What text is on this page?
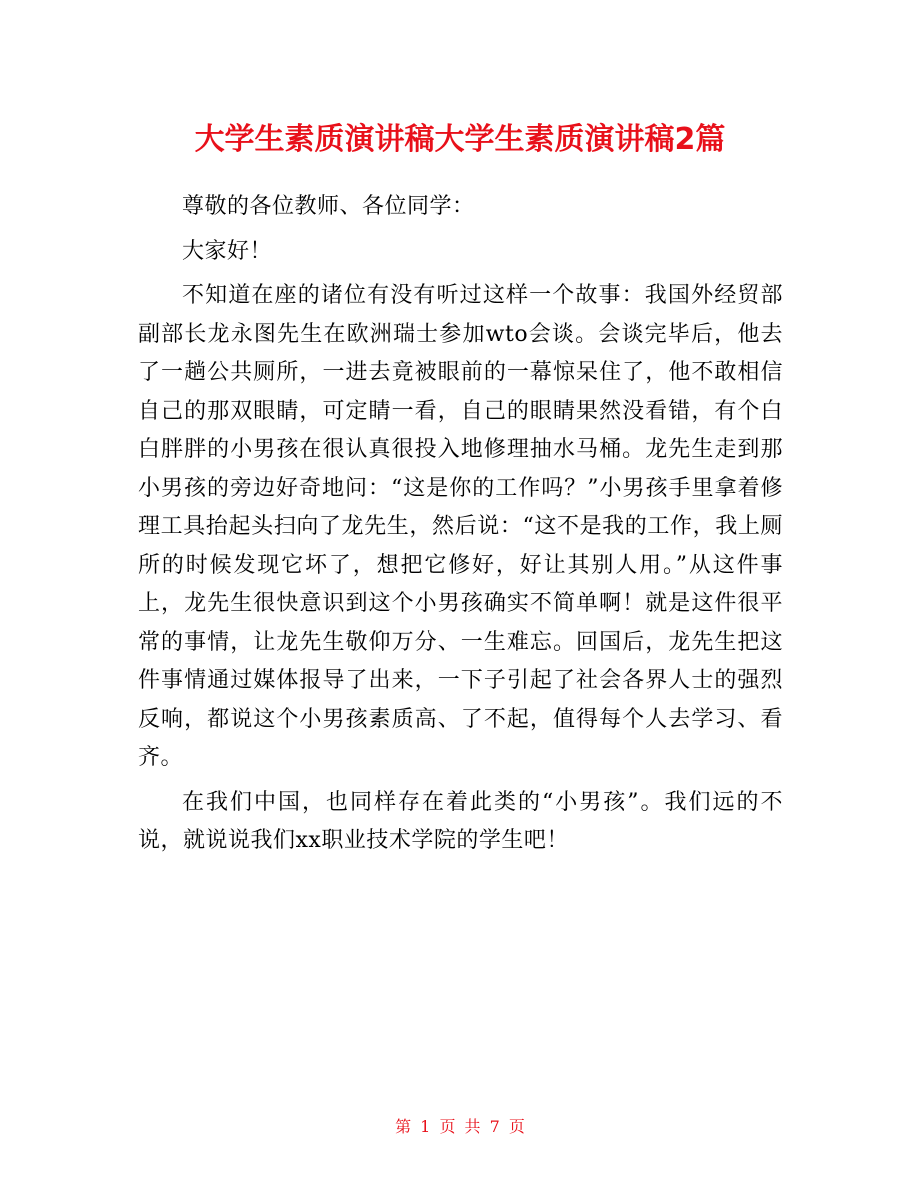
大学生素质演讲稿大学生素质演讲稿2篇

尊敬的各位教师、各位同学：

大家好！

不知道在座的诸位有没有听过这样一个故事：我国外经贸部副部长龙永图先生在欧洲瑞士参加wto会谈。会谈完毕后，他去了一趟公共厕所，一进去竟被眼前的一幕惊呆住了，他不敢相信自己的那双眼睛，可定睛一看，自己的眼睛果然没看错，有个白白胖胖的小男孩在很认真很投入地修理抽水马桶。龙先生走到那小男孩的旁边好奇地问：“这是你的工作吗？”小男孩手里拿着修理工具抬起头扫向了龙先生，然后说：“这不是我的工作，我上厕所的时候发现它坏了，想把它修好，好让其别人用。”从这件事上，龙先生很快意识到这个小男孩确实不简单啊！就是这件很平常的事情，让龙先生敬仰万分、一生难忘。回国后，龙先生把这件事情通过媒体报导了出来，一下子引起了社会各界人士的强烈反响，都说这个小男孩素质高、了不起，值得每个人去学习、看齐。

在我们中国，也同样存在着此类的“小男孩”。我们远的不说，就说说我们xx职业技术学院的学生吧！

第 1 页 共 7 页
